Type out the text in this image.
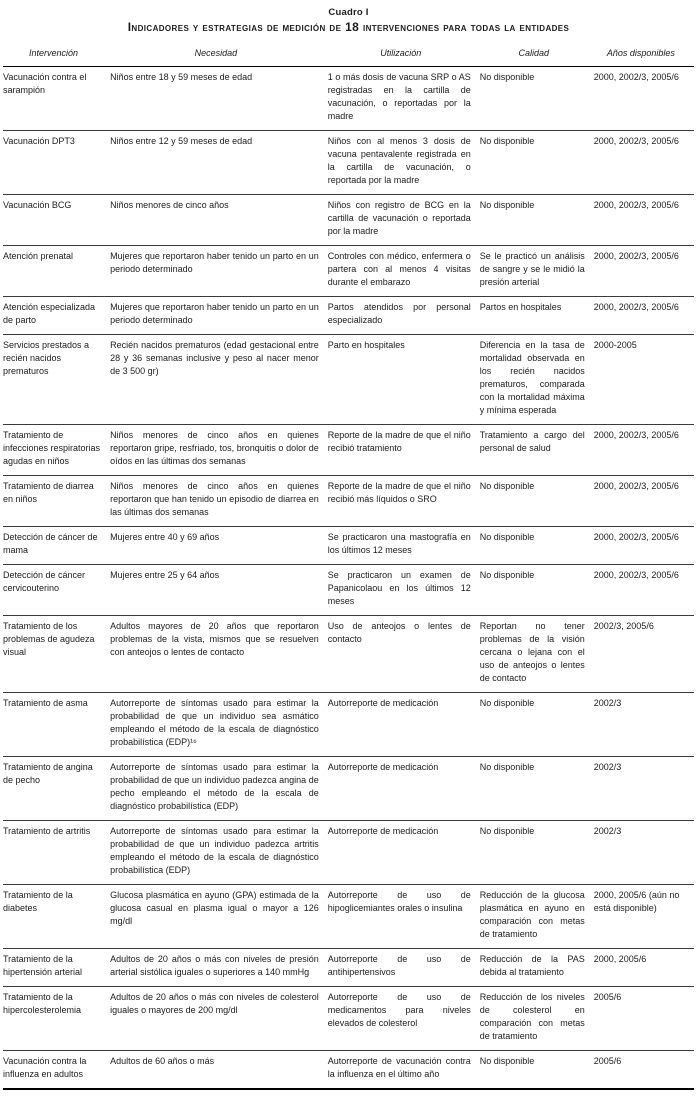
Cuadro I
Indicadores y estrategias de medición de 18 intervenciones para todas la entidades
Intervención	Necesidad	Utilización	Calidad	Años disponibles
Vacunación contra el sarampión	Niños entre 18 y 59 meses de edad	1 o más dosis de vacuna SRP o AS registradas en la cartilla de vacunación, o reportadas por la madre	No disponible	2000, 2002/3, 2005/6
Vacunación DPT3	Niños entre 12 y 59 meses de edad	Niños con al menos 3 dosis de vacuna pentavalente registrada en la cartilla de vacunación, o reportada por la madre	No disponible	2000, 2002/3, 2005/6
Vacunación BCG	Niños menores de cinco años	Niños con registro de BCG en la cartilla de vacunación o reportada por la madre	No disponible	2000, 2002/3, 2005/6
Atención prenatal	Mujeres que reportaron haber tenido un parto en un periodo determinado	Controles con médico, enfermera o partera con al menos 4 visitas durante el embarazo	Se le practicó un análisis de sangre y se le midió la presión arterial	2000, 2002/3, 2005/6
Atención especializada de parto	Mujeres que reportaron haber tenido un parto en un periodo determinado	Partos atendidos por personal especializado	Partos en hospitales	2000, 2002/3, 2005/6
Servicios prestados a recién nacidos prematuros	Recién nacidos prematuros (edad gestacional entre 28 y 36 semanas inclusive y peso al nacer menor de 3 500 gr)	Parto en hospitales	Diferencia en la tasa de mortalidad observada en los recién nacidos prematuros, comparada con la mortalidad máxima y mínima esperada	2000-2005
Tratamiento de infecciones respiratorias agudas en niños	Niños menores de cinco años en quienes reportaron gripe, resfriado, tos, bronquitis o dolor de oídos en las últimas dos semanas	Reporte de la madre de que el niño recibió tratamiento	Tratamiento a cargo del personal de salud	2000, 2002/3, 2005/6
Tratamiento de diarrea en niños	Niños menores de cinco años en quienes reportaron que han tenido un episodio de diarrea en las últimas dos semanas	Reporte de la madre de que el niño recibió más líquidos o SRO	No disponible	2000, 2002/3, 2005/6
Detección de cáncer de mama	Mujeres entre 40 y 69 años	Se practicaron una mastografía en los últimos 12 meses	No disponible	2000, 2002/3, 2005/6
Detección de cáncer cervicouterino	Mujeres entre 25 y 64 años	Se practicaron un examen de Papanicolaou en los últimos 12 meses	No disponible	2000, 2002/3, 2005/6
Tratamiento de los problemas de agudeza visual	Adultos mayores de 20 años que reportaron problemas de la vista, mismos que se resuelven con anteojos o lentes de contacto	Uso de anteojos o lentes de contacto	Reportan no tener problemas de la visión cercana o lejana con el uso de anteojos o lentes de contacto	2002/3, 2005/6
Tratamiento de asma	Autorreporte de síntomas usado para estimar la probabilidad de que un individuo sea asmático empleando el método de la escala de diagnóstico probabilística (EDP)¹⁶	Autorreporte de medicación	No disponible	2002/3
Tratamiento de angina de pecho	Autorreporte de síntomas usado para estimar la probabilidad de que un individuo padezca angina de pecho empleando el método de la escala de diagnóstico probabilística (EDP)	Autorreporte de medicación	No disponible	2002/3
Tratamiento de artritis	Autorreporte de síntomas usado para estimar la probabilidad de que un individuo padezca artritis empleando el método de la escala de diagnóstico probabilística (EDP)	Autorreporte de medicación	No disponible	2002/3
Tratamiento de la diabetes	Glucosa plasmática en ayuno (GPA) estimada de la glucosa casual en plasma igual o mayor a 126 mg/dl	Autorreporte de uso de hipoglicemiantes orales o insulina	Reducción de la glucosa plasmática en ayuno en comparación con metas de tratamiento	2000, 2005/6 (aún no está disponible)
Tratamiento de la hipertensión arterial	Adultos de 20 años o más con niveles de presión arterial sistólica iguales o superiores a 140 mmHg	Autorreporte de uso de antihipertensivos	Reducción de la PAS debida al tratamiento	2000, 2005/6
Tratamiento de la hipercolesterolemia	Adultos de 20 años o más con niveles de colesterol iguales o mayores de 200 mg/dl	Autorreporte de uso de medicamentos para niveles elevados de colesterol	Reducción de los niveles de colesterol en comparación con metas de tratamiento	2005/6
Vacunación contra la influenza en adultos	Adultos de 60 años o más	Autorreporte de vacunación contra la influenza en el último año	No disponible	2005/6
